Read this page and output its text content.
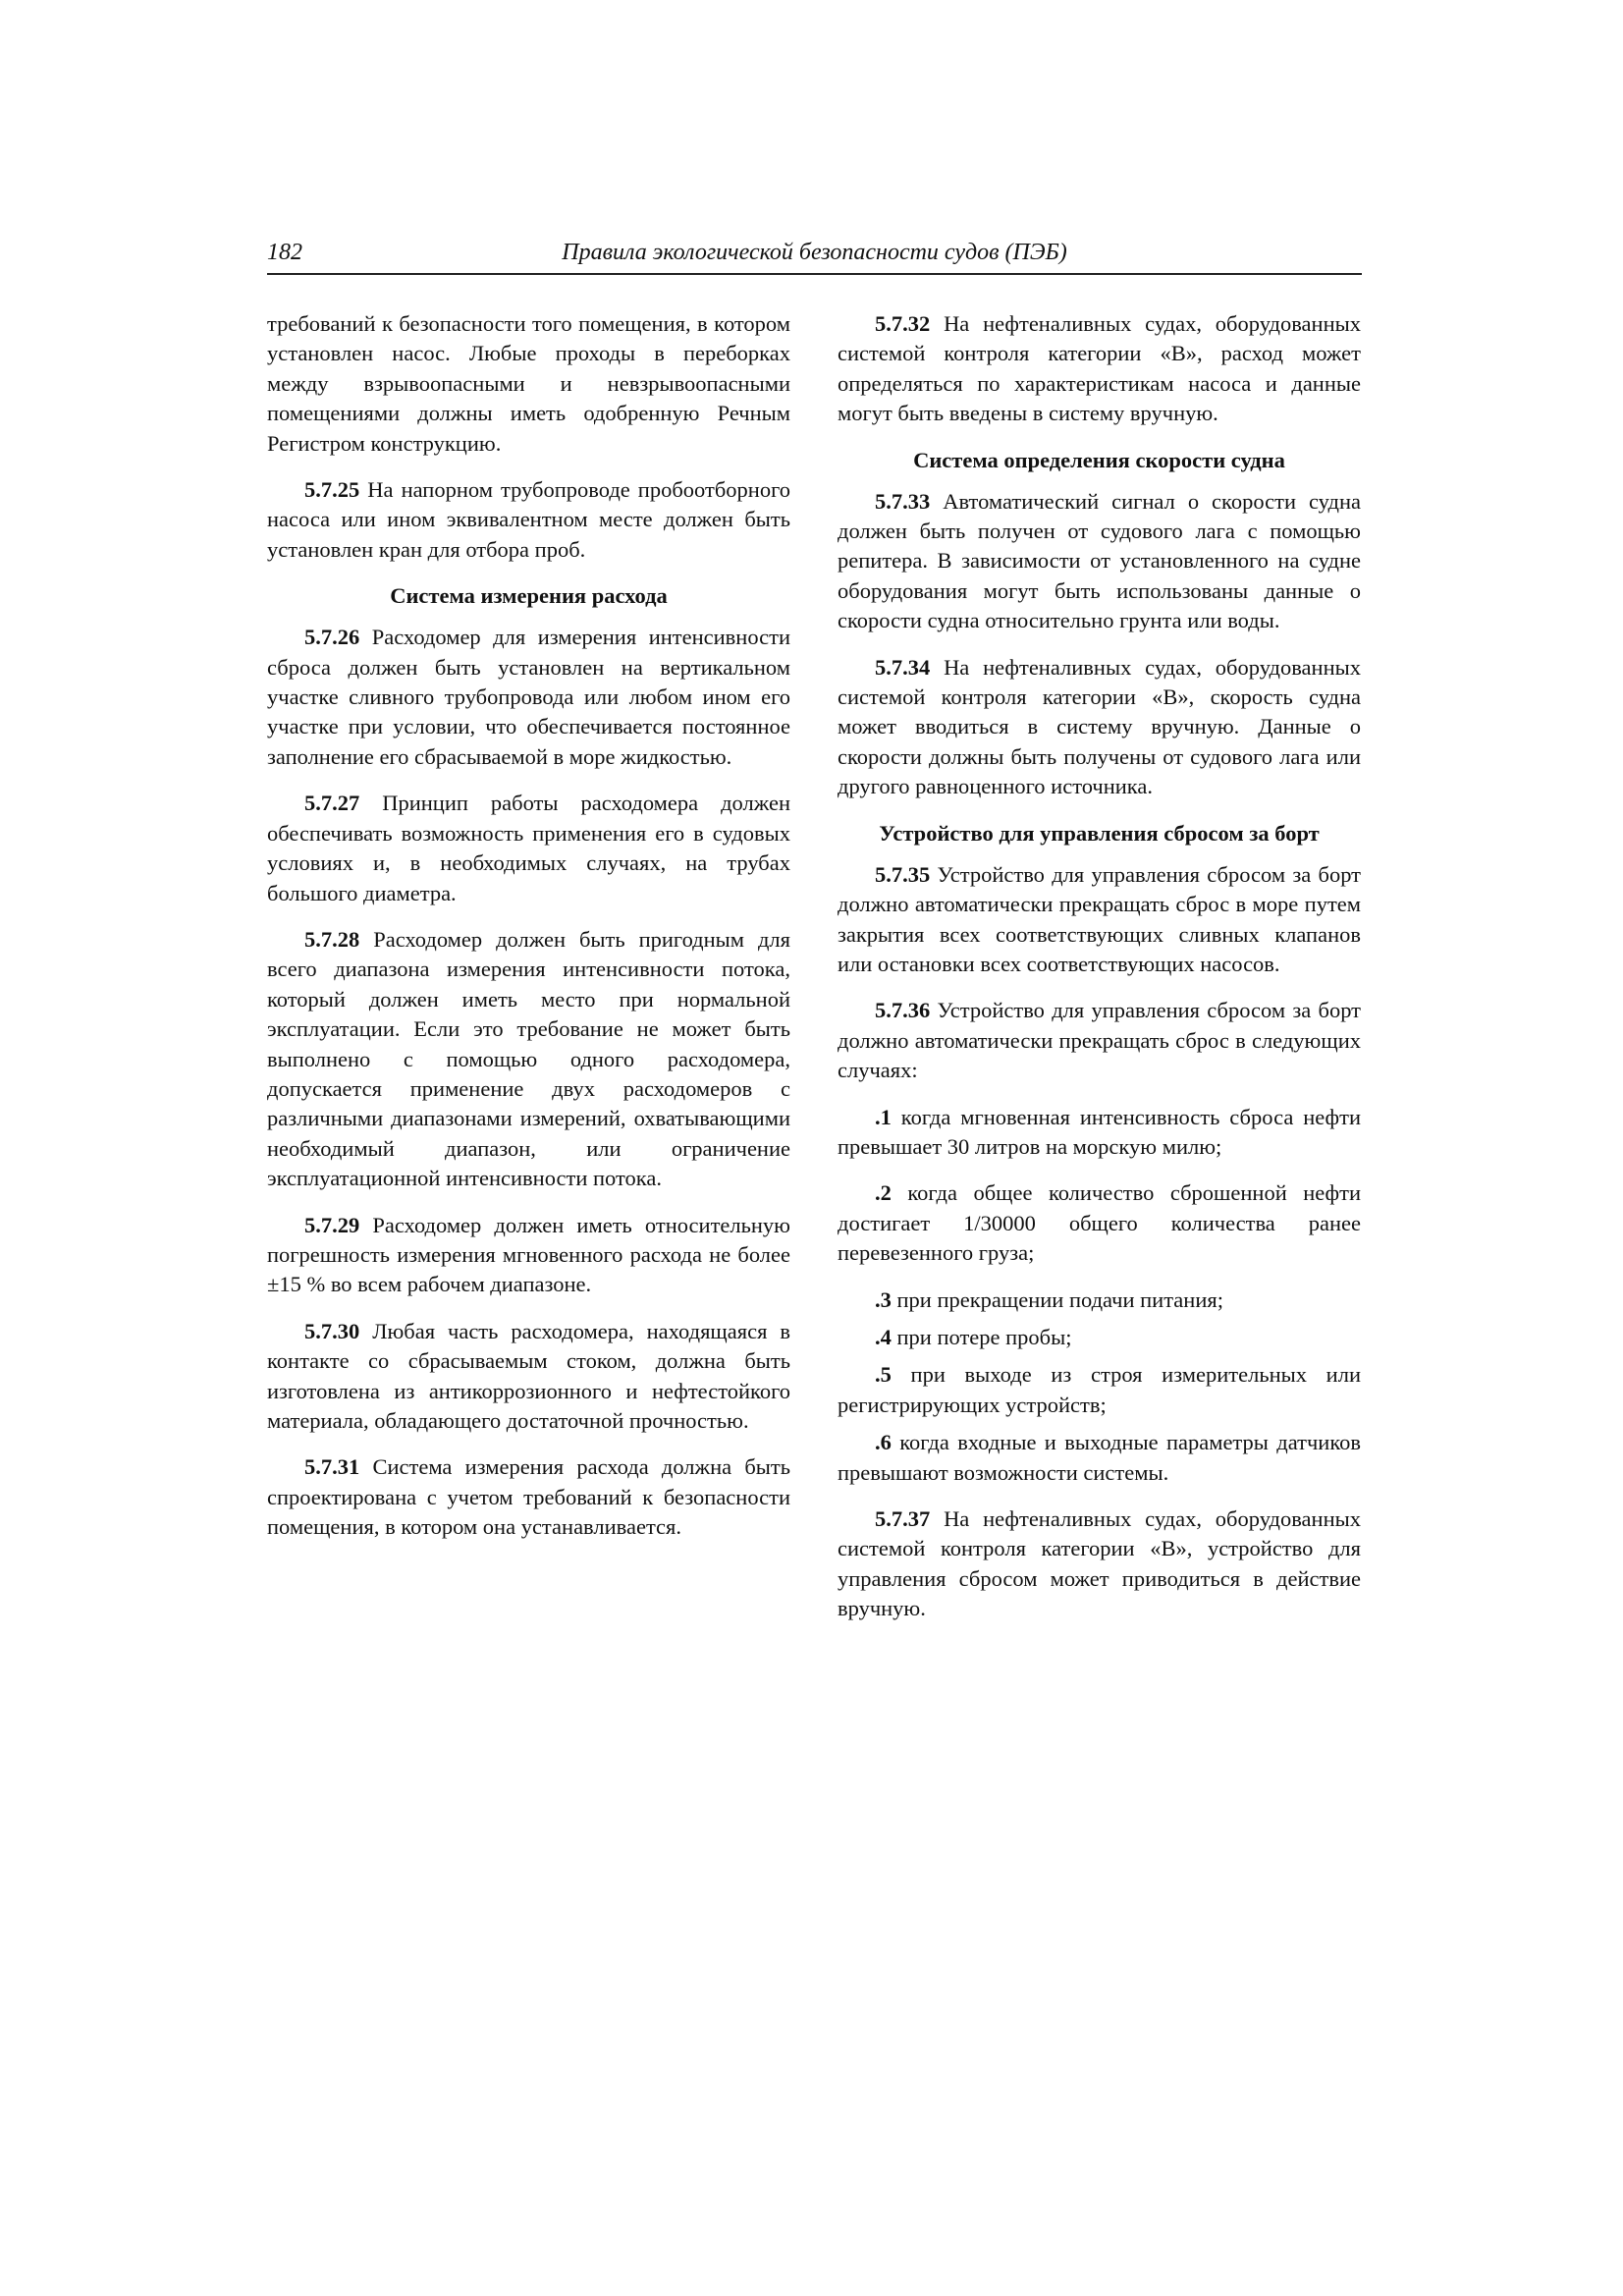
182	Правила экологической безопасности судов (ПЭБ)

требований к безопасности того помещения, в котором установлен насос. Любые проходы в переборках между взрывоопасными и невзрывоопасными помещениями должны иметь одобренную Речным Регистром конструкцию.

5.7.25 На напорном трубопроводе пробоотборного насоса или ином эквивалентном месте должен быть установлен кран для отбора проб.

Система измерения расхода

5.7.26 Расходомер для измерения интенсивности сброса должен быть установлен на вертикальном участке сливного трубопровода или любом ином его участке при условии, что обеспечивается постоянное заполнение его сбрасываемой в море жидкостью.

5.7.27 Принцип работы расходомера должен обеспечивать возможность применения его в судовых условиях и, в необходимых случаях, на трубах большого диаметра.

5.7.28 Расходомер должен быть пригодным для всего диапазона измерения интенсивности потока, который должен иметь место при нормальной эксплуатации. Если это требование не может быть выполнено с помощью одного расходомера, допускается применение двух расходомеров с различными диапазонами измерений, охватывающими необходимый диапазон, или ограничение эксплуатационной интенсивности потока.

5.7.29 Расходомер должен иметь относительную погрешность измерения мгновенного расхода не более ±15 % во всем рабочем диапазоне.

5.7.30 Любая часть расходомера, находящаяся в контакте со сбрасываемым стоком, должна быть изготовлена из антикоррозионного и нефтестойкого материала, обладающего достаточной прочностью.

5.7.31 Система измерения расхода должна быть спроектирована с учетом требований к безопасности помещения, в котором она устанавливается.

5.7.32 На нефтеналивных судах, оборудованных системой контроля категории «В», расход может определяться по характеристикам насоса и данные могут быть введены в систему вручную.

Система определения скорости судна

5.7.33 Автоматический сигнал о скорости судна должен быть получен от судового лага с помощью репитера. В зависимости от установленного на судне оборудования могут быть использованы данные о скорости судна относительно грунта или воды.

5.7.34 На нефтеналивных судах, оборудованных системой контроля категории «В», скорость судна может вводиться в систему вручную. Данные о скорости должны быть получены от судового лага или другого равноценного источника.

Устройство для управления сбросом за борт

5.7.35 Устройство для управления сбросом за борт должно автоматически прекращать сброс в море путем закрытия всех соответствующих сливных клапанов или остановки всех соответствующих насосов.

5.7.36 Устройство для управления сбросом за борт должно автоматически прекращать сброс в следующих случаях:

.1 когда мгновенная интенсивность сброса нефти превышает 30 литров на морскую милю;

.2 когда общее количество сброшенной нефти достигает 1/30000 общего количества ранее перевезенного груза;

.3 при прекращении подачи питания;

.4 при потере пробы;

.5 при выходе из строя измерительных или регистрирующих устройств;

.6 когда входные и выходные параметры датчиков превышают возможности системы.

5.7.37 На нефтеналивных судах, оборудованных системой контроля категории «В», устройство для управления сбросом может приводиться в действие вручную.
